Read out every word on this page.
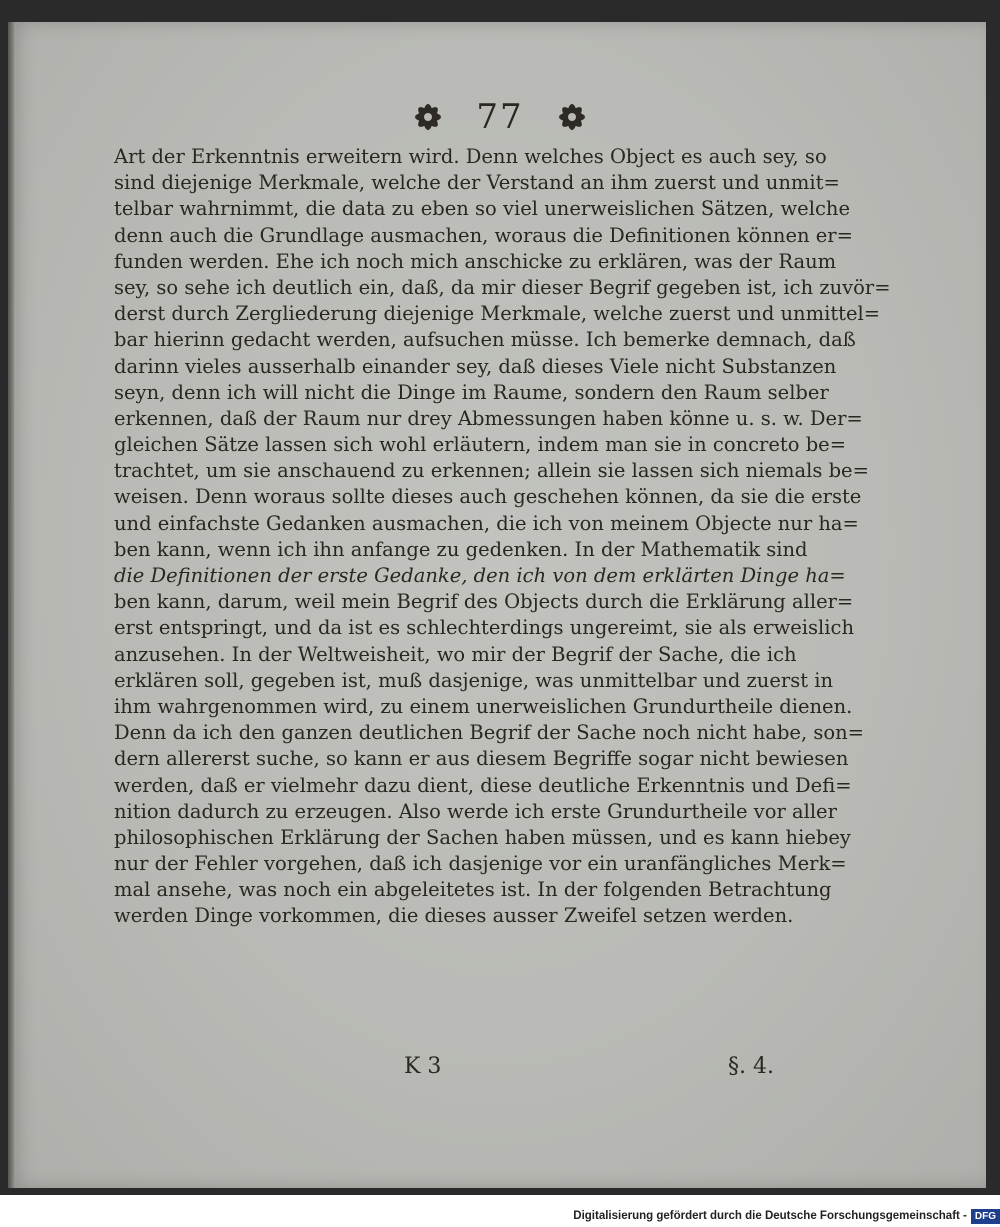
77
Art der Erkenntnis erweitern wird. Denn welches Object es auch sey, so
sind diejenige Merkmale, welche der Verstand an ihm zuerst und unmit=
telbar wahrnimmt, die data zu eben so viel unerweislichen Sätzen, welche
denn auch die Grundlage ausmachen, woraus die Definitionen können er=
funden werden. Ehe ich noch mich anschicke zu erklären, was der Raum
sey, so sehe ich deutlich ein, daß, da mir dieser Begrif gegeben ist, ich zuvör=
derst durch Zergliederung diejenige Merkmale, welche zuerst und unmittel=
bar hierinn gedacht werden, aufsuchen müsse. Ich bemerke demnach, daß
darinn vieles ausserhalb einander sey, daß dieses Viele nicht Substanzen
seyn, denn ich will nicht die Dinge im Raume, sondern den Raum selber
erkennen, daß der Raum nur drey Abmessungen haben könne u. s. w. Der=
gleichen Sätze lassen sich wohl erläutern, indem man sie in concreto be=
trachtet, um sie anschauend zu erkennen; allein sie lassen sich niemals be=
weisen. Denn woraus sollte dieses auch geschehen können, da sie die erste
und einfachste Gedanken ausmachen, die ich von meinem Objecte nur ha=
ben kann, wenn ich ihn anfange zu gedenken. In der Mathematik sind
die Definitionen der erste Gedanke, den ich von dem erklärten Dinge ha=
ben kann, darum, weil mein Begrif des Objects durch die Erklärung aller=
erst entspringt, und da ist es schlechterdings ungereimt, sie als erweislich
anzusehen. In der Weltweisheit, wo mir der Begrif der Sache, die ich
erklären soll, gegeben ist, muß dasjenige, was unmittelbar und zuerst in
ihm wahrgenommen wird, zu einem unerweislichen Grundurtheile dienen.
Denn da ich den ganzen deutlichen Begrif der Sache noch nicht habe, son=
dern allererst suche, so kann er aus diesem Begriffe sogar nicht bewiesen
werden, daß er vielmehr dazu dient, diese deutliche Erkenntnis und Defi=
nition dadurch zu erzeugen. Also werde ich erste Grundurtheile vor aller
philosophischen Erklärung der Sachen haben müssen, und es kann hiebey
nur der Fehler vorgehen, daß ich dasjenige vor ein uranfängliches Merk=
mal ansehe, was noch ein abgeleitetes ist. In der folgenden Betrachtung
werden Dinge vorkommen, die dieses ausser Zweifel setzen werden.
K 3	§. 4.
Digitalisierung gefördert durch die Deutsche Forschungsgemeinschaft - DFG
